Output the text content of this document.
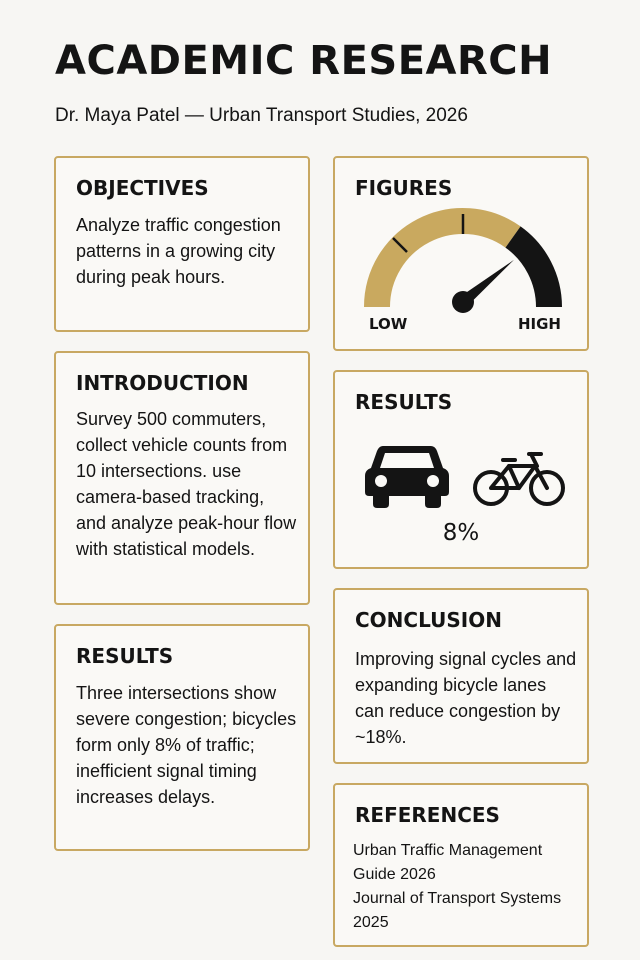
ACADEMIC RESEARCH
Dr. Maya Patel — Urban Transport Studies, 2026
OBJECTIVES

Analyze traffic congestion patterns in a growing city during peak hours.

INTRODUCTION

Survey 500 commuters, collect vehicle counts from 10 intersections. use camera-based tracking, and analyze peak-hour flow with statistical models.

RESULTS

Three intersections show severe congestion; bicycles form only 8% of traffic; inefficient signal timing increases delays.

FIGURES
LOW	HIGH
RESULTS
8%
CONCLUSION

Improving signal cycles and expanding bicycle lanes can reduce congestion by ~18%.

REFERENCES
Urban Traffic Management Guide 2026
Journal of Transport Systems 2025
